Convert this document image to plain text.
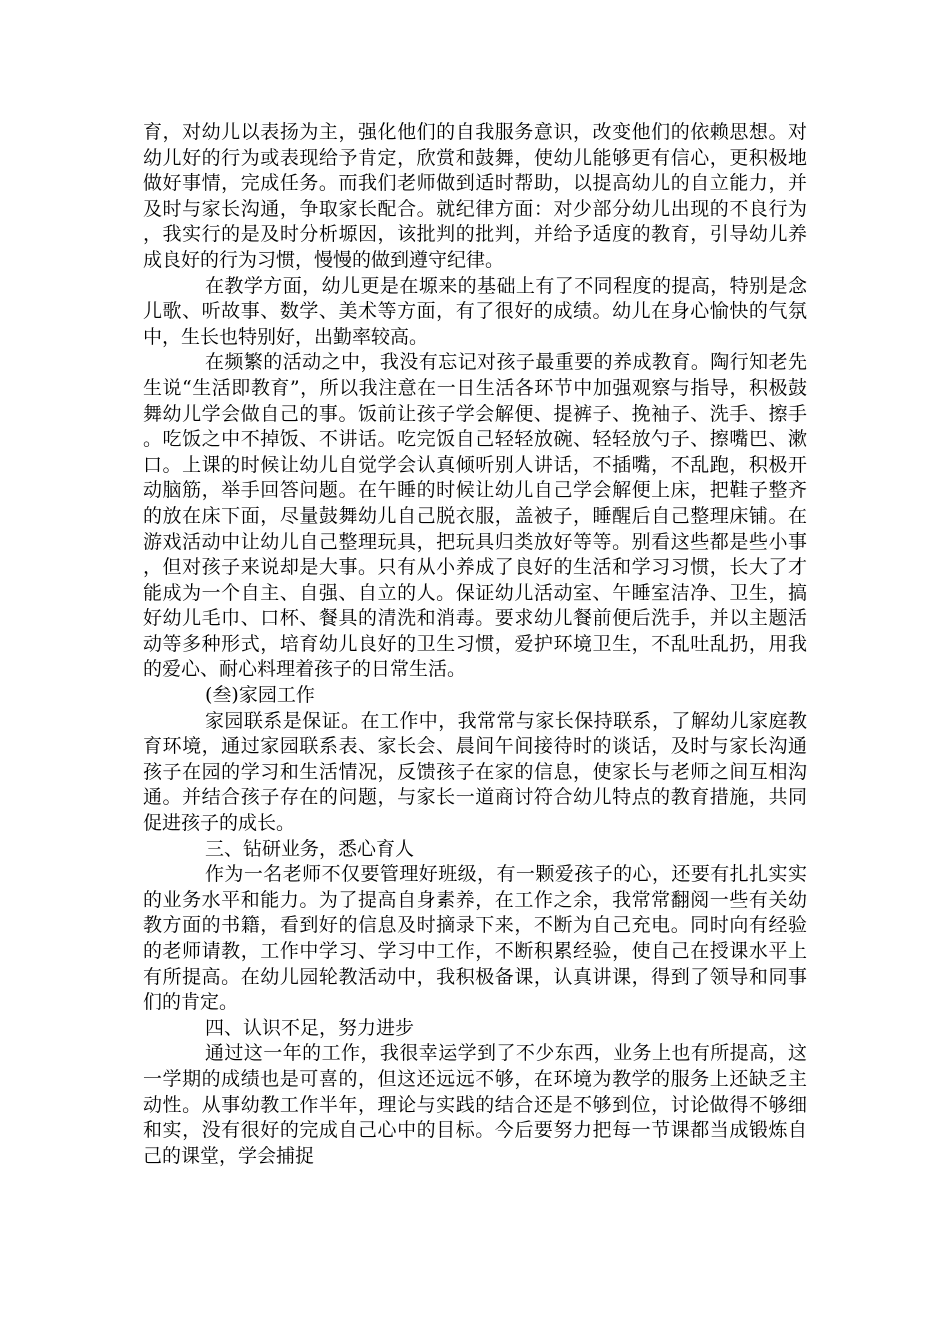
育，对幼儿以表扬为主，强化他们的自我服务意识，改变他们的依赖思想。对幼儿好的行为或表现给予肯定，欣赏和鼓舞，使幼儿能够更有信心，更积极地做好事情，完成任务。而我们老师做到适时帮助，以提高幼儿的自立能力，并及时与家长沟通，争取家长配合。就纪律方面：对少部分幼儿出现的不良行为，我实行的是及时分析塬因，该批判的批判，并给予适度的教育，引导幼儿养成良好的行为习惯，慢慢的做到遵守纪律。

在教学方面，幼儿更是在塬来的基础上有了不同程度的提高，特别是念儿歌、听故事、数学、美术等方面，有了很好的成绩。幼儿在身心愉快的气氛中，生长也特别好，出勤率较高。

在频繁的活动之中，我没有忘记对孩子最重要的养成教育。陶行知老先生说“生活即教育”，所以我注意在一日生活各环节中加强观察与指导，积极鼓舞幼儿学会做自己的事。饭前让孩子学会解便、提裤子、挽袖子、洗手、擦手。吃饭之中不掉饭、不讲话。吃完饭自己轻轻放碗、轻轻放勺子、擦嘴巴、漱口。上课的时候让幼儿自觉学会认真倾听别人讲话，不插嘴，不乱跑，积极开动脑筋，举手回答问题。在午睡的时候让幼儿自己学会解便上床，把鞋子整齐的放在床下面，尽量鼓舞幼儿自己脱衣服，盖被子，睡醒后自己整理床铺。在游戏活动中让幼儿自己整理玩具，把玩具归类放好等等。别看这些都是些小事，但对孩子来说却是大事。只有从小养成了良好的生活和学习习惯，长大了才能成为一个自主、自强、自立的人。保证幼儿活动室、午睡室洁净、卫生，搞好幼儿毛巾、口杯、餐具的清洗和消毒。要求幼儿餐前便后洗手，并以主题活动等多种形式，培育幼儿良好的卫生习惯，爱护环境卫生，不乱吐乱扔，用我的爱心、耐心料理着孩子的日常生活。

(叁)家园工作

家园联系是保证。在工作中，我常常与家长保持联系，了解幼儿家庭教育环境，通过家园联系表、家长会、晨间午间接待时的谈话，及时与家长沟通孩子在园的学习和生活情况，反馈孩子在家的信息，使家长与老师之间互相沟通。并结合孩子存在的问题，与家长一道商讨符合幼儿特点的教育措施，共同促进孩子的成长。

三、钻研业务，悉心育人

作为一名老师不仅要管理好班级，有一颗爱孩子的心，还要有扎扎实实的业务水平和能力。为了提高自身素养，在工作之余，我常常翻阅一些有关幼教方面的书籍，看到好的信息及时摘录下来，不断为自己充电。同时向有经验的老师请教，工作中学习、学习中工作，不断积累经验，使自己在授课水平上有所提高。在幼儿园轮教活动中，我积极备课，认真讲课，得到了领导和同事们的肯定。

四、认识不足，努力进步

通过这一年的工作，我很幸运学到了不少东西，业务上也有所提高，这一学期的成绩也是可喜的，但这还远远不够，在环境为教学的服务上还缺乏主动性。从事幼教工作半年，理论与实践的结合还是不够到位，讨论做得不够细和实，没有很好的完成自己心中的目标。今后要努力把每一节课都当成锻炼自己的课堂，学会捕捉
